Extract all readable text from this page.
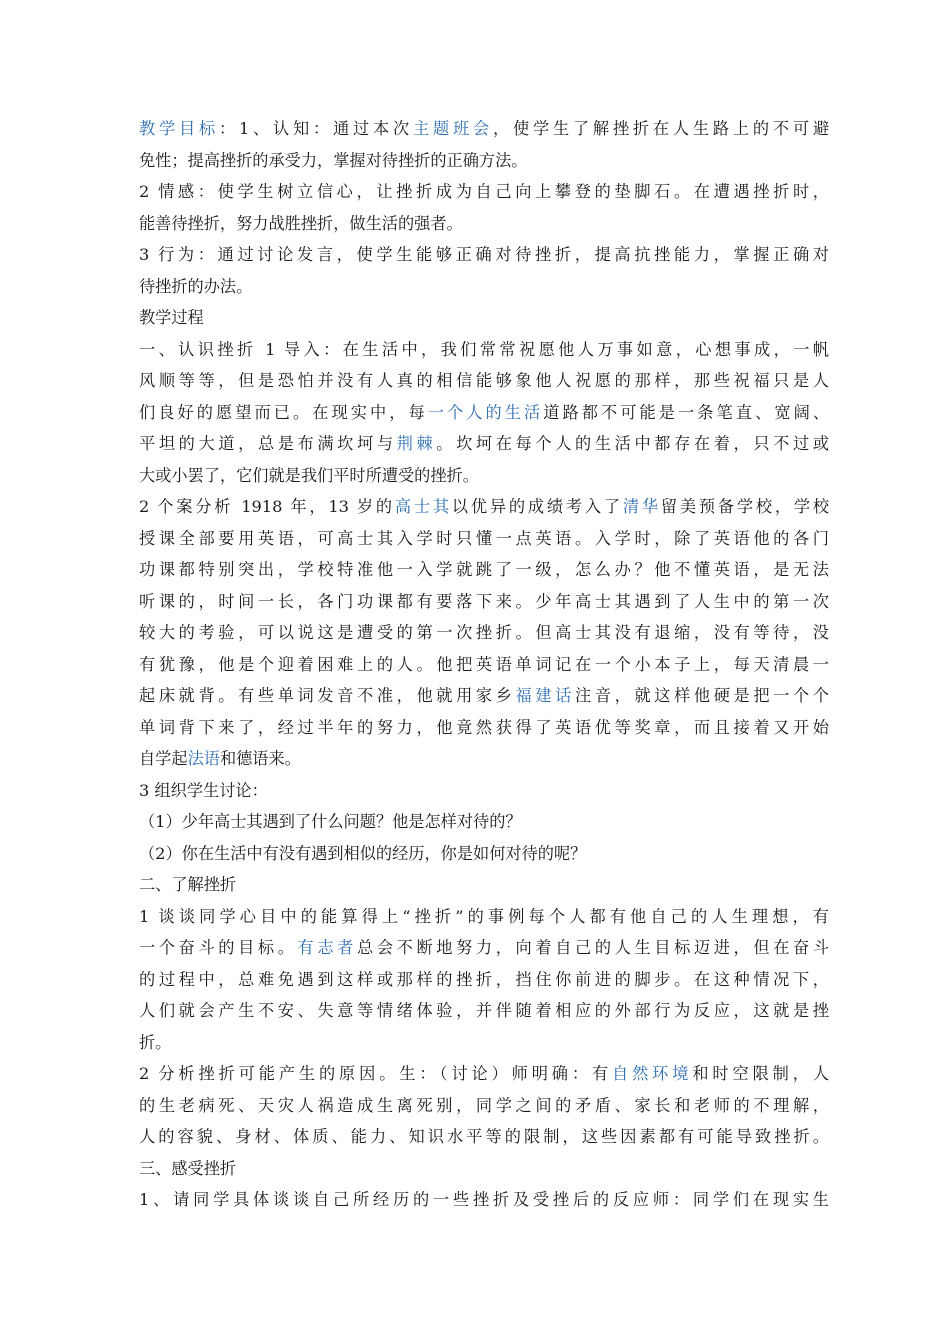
教学目标：1、认知：通过本次主题班会，使学生了解挫折在人生路上的不可避
免性；提高挫折的承受力，掌握对待挫折的正确方法。
2 情感：使学生树立信心，让挫折成为自己向上攀登的垫脚石。在遭遇挫折时，
能善待挫折，努力战胜挫折，做生活的强者。
3 行为：通过讨论发言，使学生能够正确对待挫折，提高抗挫能力，掌握正确对
待挫折的办法。
教学过程
一、认识挫折 1 导入：在生活中，我们常常祝愿他人万事如意，心想事成，一帆
风顺等等，但是恐怕并没有人真的相信能够象他人祝愿的那样，那些祝福只是人
们良好的愿望而已。在现实中，每一个人的生活道路都不可能是一条笔直、宽阔、
平坦的大道，总是布满坎坷与荆棘。坎坷在每个人的生活中都存在着，只不过或
大或小罢了，它们就是我们平时所遭受的挫折。
2 个案分析 1918 年，13 岁的高士其以优异的成绩考入了清华留美预备学校，学校
授课全部要用英语，可高士其入学时只懂一点英语。入学时，除了英语他的各门
功课都特别突出，学校特准他一入学就跳了一级，怎么办？他不懂英语，是无法
听课的，时间一长，各门功课都有要落下来。少年高士其遇到了人生中的第一次
较大的考验，可以说这是遭受的第一次挫折。但高士其没有退缩，没有等待，没
有犹豫，他是个迎着困难上的人。他把英语单词记在一个小本子上，每天清晨一
起床就背。有些单词发音不准，他就用家乡福建话注音，就这样他硬是把一个个
单词背下来了，经过半年的努力，他竟然获得了英语优等奖章，而且接着又开始
自学起法语和德语来。
3 组织学生讨论：
（1）少年高士其遇到了什么问题？他是怎样对待的？
（2）你在生活中有没有遇到相似的经历，你是如何对待的呢？
二、了解挫折
1 谈谈同学心目中的能算得上“挫折”的事例每个人都有他自己的人生理想，有
一个奋斗的目标。有志者总会不断地努力，向着自己的人生目标迈进，但在奋斗
的过程中，总难免遇到这样或那样的挫折，挡住你前进的脚步。在这种情况下，
人们就会产生不安、失意等情绪体验，并伴随着相应的外部行为反应，这就是挫
折。
2 分析挫折可能产生的原因。生：（讨论）师明确：有自然环境和时空限制，人
的生老病死、天灾人祸造成生离死别，同学之间的矛盾、家长和老师的不理解，
人的容貌、身材、体质、能力、知识水平等的限制，这些因素都有可能导致挫折。
三、感受挫折
1、请同学具体谈谈自己所经历的一些挫折及受挫后的反应师：同学们在现实生
